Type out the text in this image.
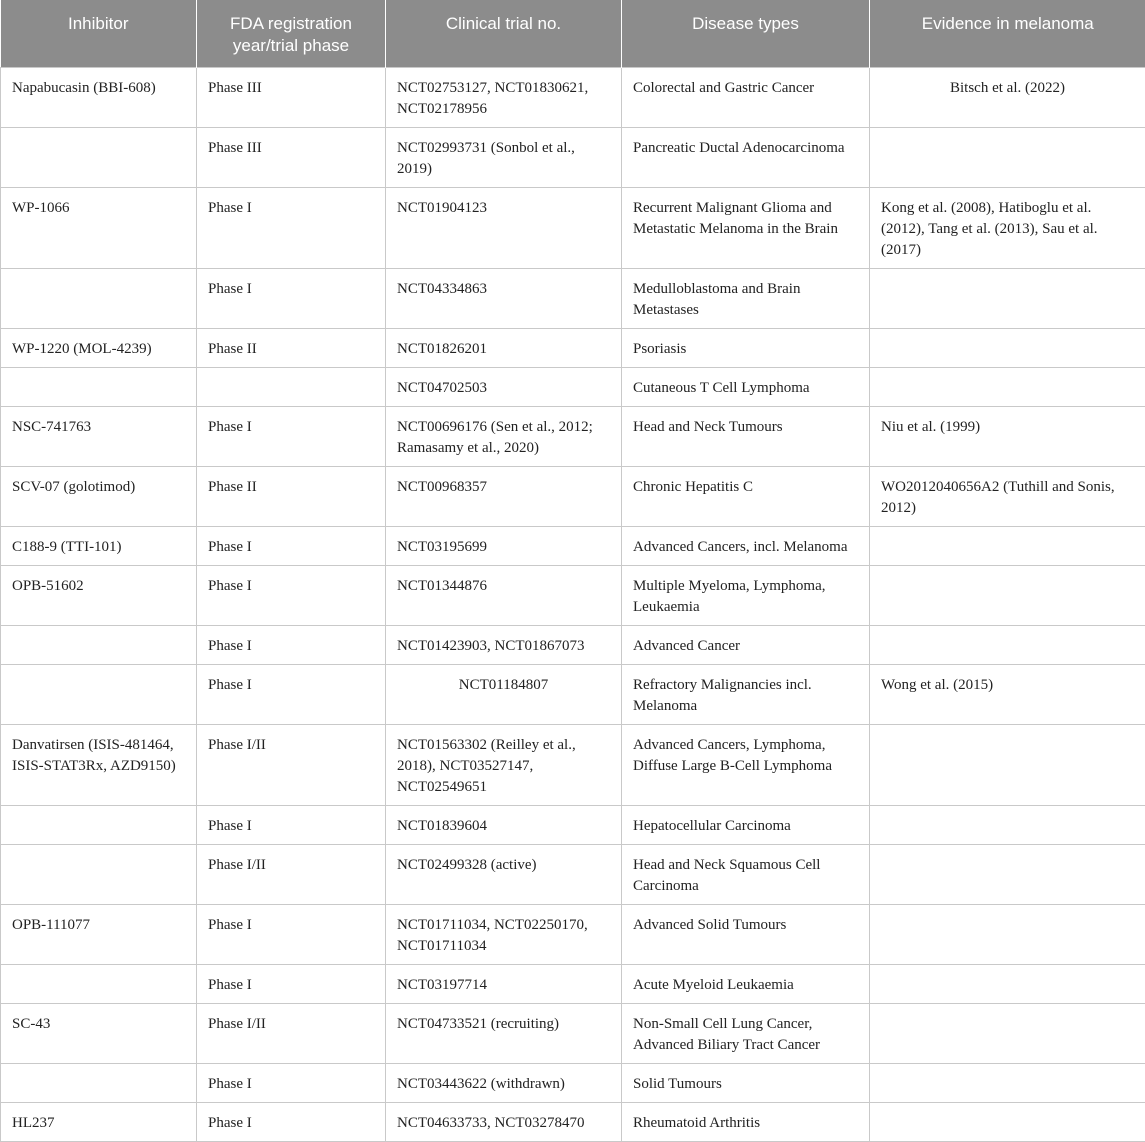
Inhibitor	FDA registration year/trial phase	Clinical trial no.	Disease types	Evidence in melanoma
Napabucasin (BBI-608)	Phase III	NCT02753127, NCT01830621, NCT02178956	Colorectal and Gastric Cancer	Bitsch et al. (2022)
	Phase III	NCT02993731 (Sonbol et al., 2019)	Pancreatic Ductal Adenocarcinoma	
WP-1066	Phase I	NCT01904123	Recurrent Malignant Glioma and Metastatic Melanoma in the Brain	Kong et al. (2008), Hatiboglu et al. (2012), Tang et al. (2013), Sau et al. (2017)
	Phase I	NCT04334863	Medulloblastoma and Brain Metastases	
WP-1220 (MOL-4239)	Phase II	NCT01826201	Psoriasis	
		NCT04702503	Cutaneous T Cell Lymphoma	
NSC-741763	Phase I	NCT00696176 (Sen et al., 2012; Ramasamy et al., 2020)	Head and Neck Tumours	Niu et al. (1999)
SCV-07 (golotimod)	Phase II	NCT00968357	Chronic Hepatitis C	WO2012040656A2 (Tuthill and Sonis, 2012)
C188-9 (TTI-101)	Phase I	NCT03195699	Advanced Cancers, incl. Melanoma	
OPB-51602	Phase I	NCT01344876	Multiple Myeloma, Lymphoma, Leukaemia	
	Phase I	NCT01423903, NCT01867073	Advanced Cancer	
	Phase I	NCT01184807	Refractory Malignancies incl. Melanoma	Wong et al. (2015)
Danvatirsen (ISIS-481464, ISIS-STAT3Rx, AZD9150)	Phase I/II	NCT01563302 (Reilley et al., 2018), NCT03527147, NCT02549651	Advanced Cancers, Lymphoma, Diffuse Large B-Cell Lymphoma	
	Phase I	NCT01839604	Hepatocellular Carcinoma	
	Phase I/II	NCT02499328 (active)	Head and Neck Squamous Cell Carcinoma	
OPB-111077	Phase I	NCT01711034, NCT02250170, NCT01711034	Advanced Solid Tumours	
	Phase I	NCT03197714	Acute Myeloid Leukaemia	
SC-43	Phase I/II	NCT04733521 (recruiting)	Non-Small Cell Lung Cancer, Advanced Biliary Tract Cancer	
	Phase I	NCT03443622 (withdrawn)	Solid Tumours	
HL237	Phase I	NCT04633733, NCT03278470	Rheumatoid Arthritis	
